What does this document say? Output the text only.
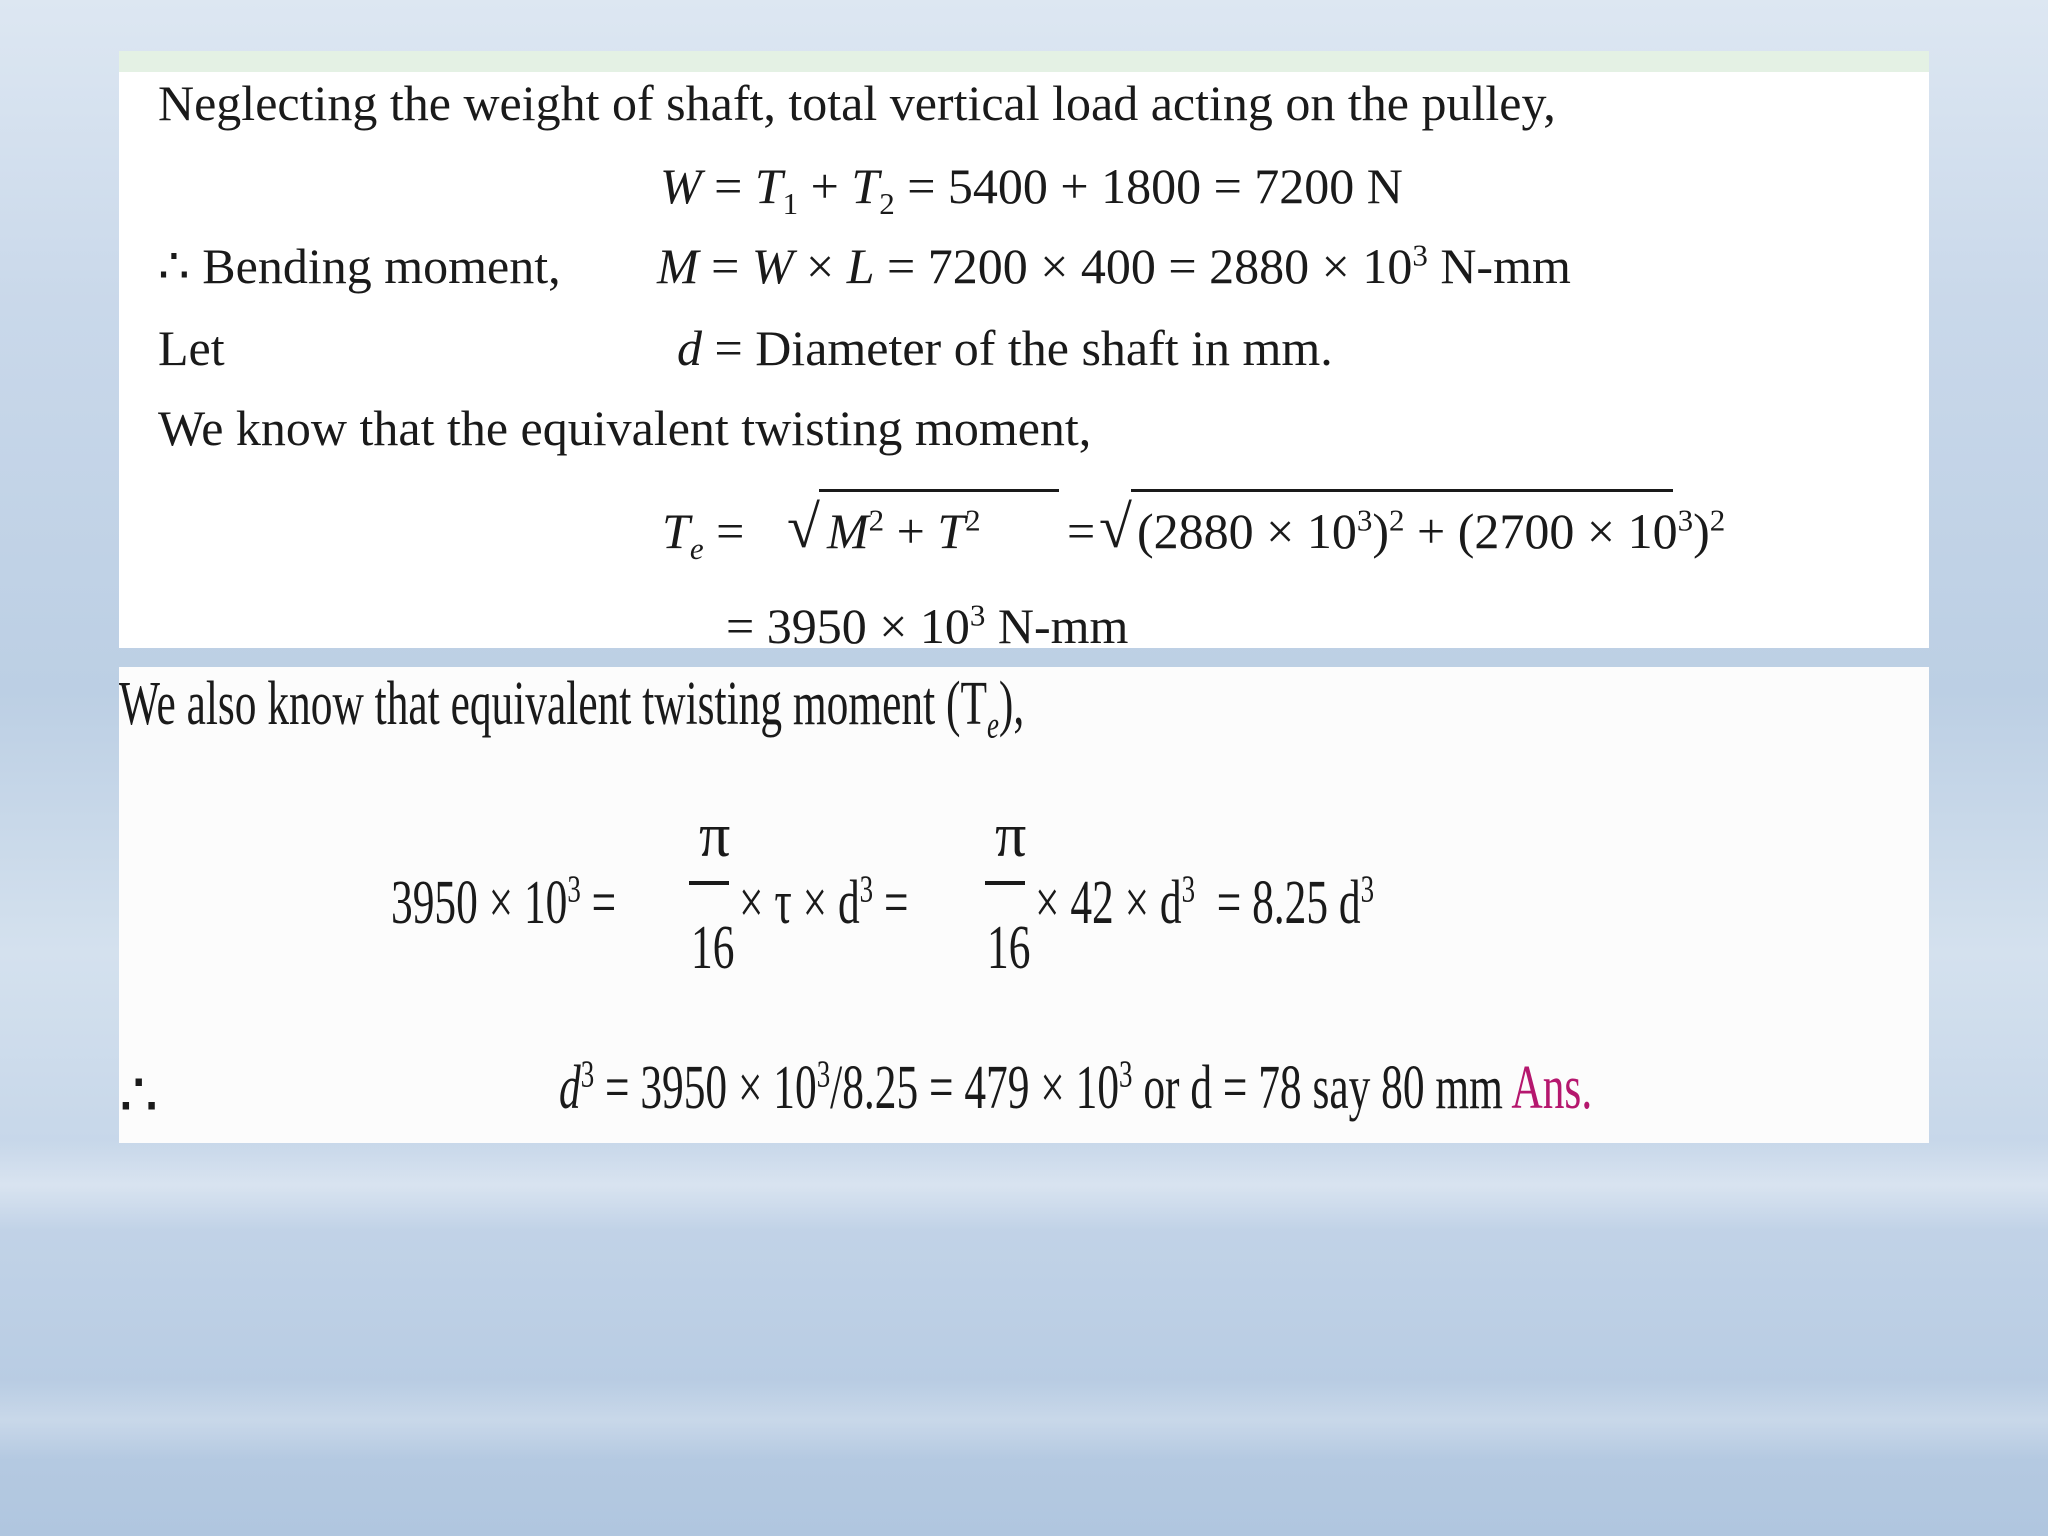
Neglecting the weight of shaft, total vertical load acting on the pulley,
$W = T_1 + T_2 = 5400 + 1800 = 7200$ N
∴ Bending moment, $M = W \times L = 7200 \times 400 = 2880 \times 10^3$ N-mm
Let	d = Diameter of the shaft in mm.
We know that the equivalent twisting moment,
$T_e$ = √ $M^2 + T^2$ = √ $(2880 \times 10^3)^2 + (2700 \times 10^3)^2$
= $3950 \times 10^3$ N-mm
We also know that equivalent twisting moment $(T_e)$,
$3950 \times 10^3$ =
π
16
× $\tau \times d^3$ =
π
16
× $42 \times d^3 = 8.25$ $d^3$
∴	$d^3 = 3950 \times 10^3/8.25 = 479 \times 10^3$ or d = 78 say 80 mm Ans.
